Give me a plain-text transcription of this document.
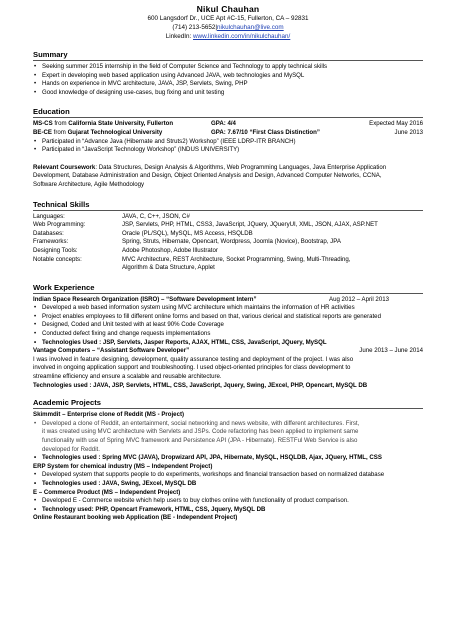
Nikul Chauhan
600 Langsdorf Dr., UCE Apt #C-15, Fullerton, CA – 92831
(714) 213-5652|nikulchauhan@live.com
LinkedIn: www.linkedin.com/in/nikulchauhan/
Summary
• Seeking summer 2015 internship in the field of Computer Science and Technology to apply technical skills
• Expert in developing web based application using Advanced JAVA, web technologies and MySQL
• Hands on experience in MVC architecture, JAVA, JSP, Servlets, Swing, PHP
• Good knowledge of designing use-cases, bug fixing and unit testing
Education
MS-CS from California State University, Fullerton	GPA: 4/4	Expected May 2016
BE-CE from Gujarat Technological University	GPA: 7.67/10 “First Class Distinction”	June 2013
• Participated in “Advance Java (Hibernate and Struts2) Workshop” (IEEE LDRP-ITR BRANCH)
• Participated in “JavaScript Technology Workshop” (INDUS UNIVERSITY)
Relevant Coursework: Data Structures, Design Analysis & Algorithms, Web Programming Languages, Java Enterprise Application
Development, Database Administration and Design, Object Oriented Analysis and Design, Advanced Computer Networks, CCNA,
Software Architecture, Agile Methodology
Technical Skills
Languages:	JAVA, C, C++, JSON, C#
Web Programming:	JSP, Servlets, PHP, HTML, CSS3, JavaScript, JQuery, JQueryUI, XML, JSON, AJAX, ASP.NET
Databases:	Oracle (PL/SQL), MySQL, MS Access, HSQLDB
Frameworks:	Spring, Struts, Hibernate, Opencart, Wordpress, Joomla (Novice), Bootstrap, JPA
Designing Tools:	Adobe Photoshop, Adobe Illustrator
Notable concepts:	MVC Architecture, REST Architecture, Socket Programming, Swing, Multi-Threading,
Algorithm & Data Structure, Applet
Work Experience
Indian Space Research Organization (ISRO) – “Software Development Intern”	Aug 2012 – April 2013
• Developed a web based information system using MVC architecture which maintains the information of HR activities
• Project enables employees to fill different online forms and based on that, various clerical and statistical reports are generated
• Designed, Coded and Unit tested with at least 90% Code Coverage
• Conducted defect fixing and change requests implementations
• Technologies Used : JSP, Servlets, Jasper Reports, AJAX, HTML, CSS, JavaScript, JQuery, MySQL
Vantage Computers – “Assistant Software Developer”	June 2013 – June 2014
I was involved in feature designing, development, quality assurance testing and deployment of the project. I was also
involved in ongoing application support and troubleshooting. I used object-oriented principles for class development to
streamline efficiency and ensure a scalable and reusable architecture.
Technologies used : JAVA, JSP, Servlets, HTML, CSS, JavaScript, Jquery, Swing, JExcel, PHP, Opencart, MySQL DB
Academic Projects
Skimmdit – Enterprise clone of Reddit (MS - Project)
• Developed a clone of Reddit, an entertainment, social networking and news website, with different architectures. First,
it was created using MVC architecture with Servlets and JSPs. Code refactoring has been applied to implement same
functionality with use of Spring MVC framework and Persistence API (JPA - Hibernate). RESTFul Web Service is also
developed for Reddit.
• Technologies used : Spring MVC (JAVA), Dropwizard API, JPA, Hibernate, MySQL, HSQLDB, Ajax, JQuery, HTML, CSS
ERP System for chemical industry (MS – Independent Project)
• Developed system that supports people to do experiments, workshops and financial transaction based on normalized database
• Technologies used : JAVA, Swing, JExcel, MySQL DB
E – Commerce Product (MS – Independent Project)
• Developed E - Commerce website which help users to buy clothes online with functionality of product comparison.
• Technology used: PHP, Opencart Framework, HTML, CSS, Jquery, MySQL DB
Online Restaurant booking web Application (BE - Independent Project)
